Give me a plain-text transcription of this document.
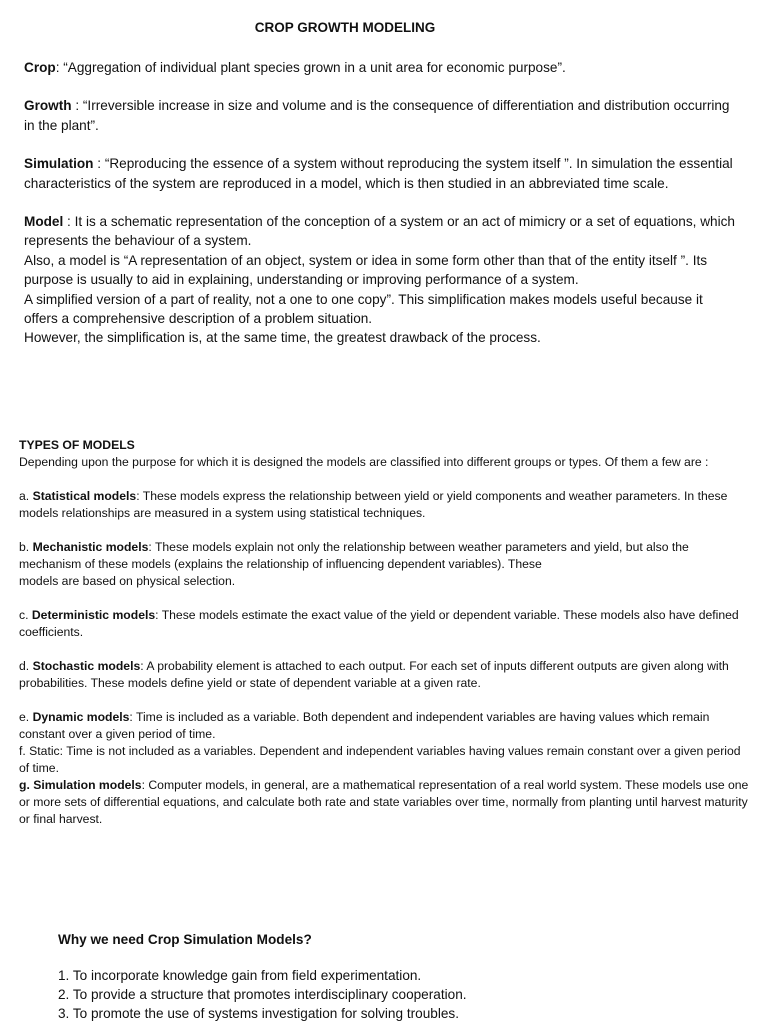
CROP GROWTH MODELING

Crop: “Aggregation of individual plant species grown in a unit area for economic purpose”.

Growth : “Irreversible increase in size and volume and is the consequence of differentiation and distribution occurring in the plant”.

Simulation : “Reproducing the essence of a system without reproducing the system itself ”. In simulation the essential characteristics of the system are reproduced in a model, which is then studied in an abbreviated time scale.

Model : It is a schematic representation of the conception of a system or an act of mimicry or a set of equations, which represents the behaviour of a system.

Also, a model is “A representation of an object, system or idea in some form other than that of the entity itself ”. Its purpose is usually to aid in explaining, understanding or improving performance of a system.

A simplified version of a part of reality, not a one to one copy”. This simplification makes models useful because it offers a comprehensive description of a problem situation.

However, the simplification is, at the same time, the greatest drawback of the process.

TYPES OF MODELS

Depending upon the purpose for which it is designed the models are classified into different groups or types. Of them a few are :

a. Statistical models: These models express the relationship between yield or yield components and weather parameters. In these models relationships are measured in a system using statistical techniques.

b. Mechanistic models: These models explain not only the relationship between weather parameters and yield, but also the mechanism of these models (explains the relationship of influencing dependent variables). These

models are based on physical selection.

c. Deterministic models: These models estimate the exact value of the yield or dependent variable. These models also have defined coefficients.

d. Stochastic models: A probability element is attached to each output. For each set of inputs different outputs are given along with probabilities. These models define yield or state of dependent variable at a given rate.

e. Dynamic models: Time is included as a variable. Both dependent and independent variables are having values which remain constant over a given period of time.

f. Static: Time is not included as a variables. Dependent and independent variables having values remain constant over a given period of time.

g. Simulation models: Computer models, in general, are a mathematical representation of a real world system. These models use one or more sets of differential equations, and calculate both rate and state variables over time, normally from planting until harvest maturity or final harvest.

Why we need Crop Simulation Models?

1. To incorporate knowledge gain from field experimentation.
2. To provide a structure that promotes interdisciplinary cooperation.
3. To promote the use of systems investigation for solving troubles.
